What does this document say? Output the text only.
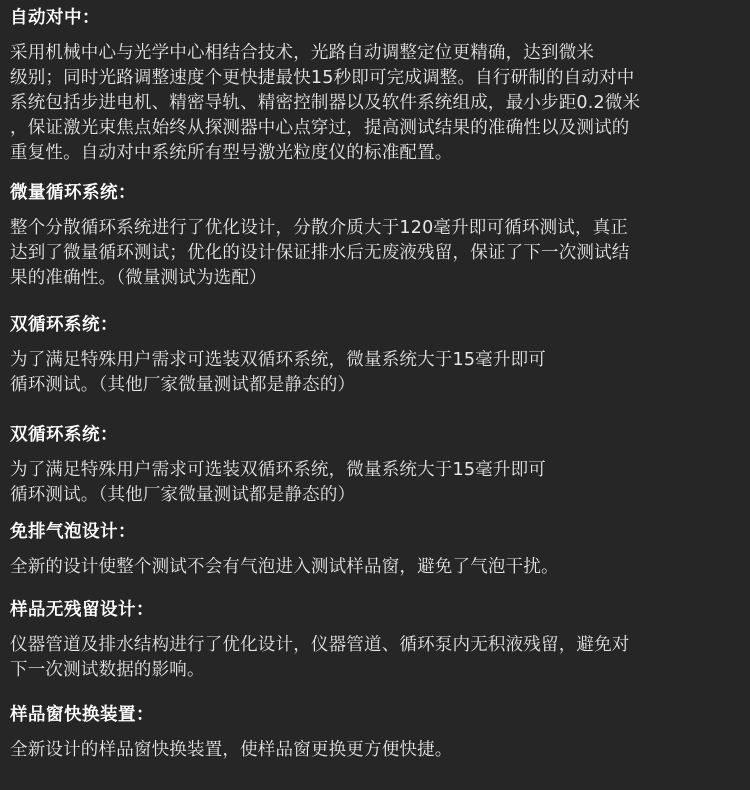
自动对中：
采用机械中心与光学中心相结合技术，光路自动调整定位更精确，达到微米
级别；同时光路调整速度个更快捷最快15秒即可完成调整。自行研制的自动对中
系统包括步进电机、精密导轨、精密控制器以及软件系统组成，最小步距0.2微米
，保证激光束焦点始终从探测器中心点穿过，提高测试结果的准确性以及测试的
重复性。自动对中系统所有型号激光粒度仪的标准配置。
微量循环系统：
整个分散循环系统进行了优化设计，分散介质大于120毫升即可循环测试，真正
达到了微量循环测试；优化的设计保证排水后无废液残留，保证了下一次测试结
果的准确性。（微量测试为选配）
双循环系统：
为了满足特殊用户需求可选装双循环系统，微量系统大于15毫升即可
循环测试。（其他厂家微量测试都是静态的）
双循环系统：
为了满足特殊用户需求可选装双循环系统，微量系统大于15毫升即可
循环测试。（其他厂家微量测试都是静态的）
免排气泡设计：
全新的设计使整个测试不会有气泡进入测试样品窗，避免了气泡干扰。
样品无残留设计：
仪器管道及排水结构进行了优化设计，仪器管道、循环泵内无积液残留，避免对
下一次测试数据的影响。
样品窗快换装置：
全新设计的样品窗快换装置，使样品窗更换更方便快捷。
